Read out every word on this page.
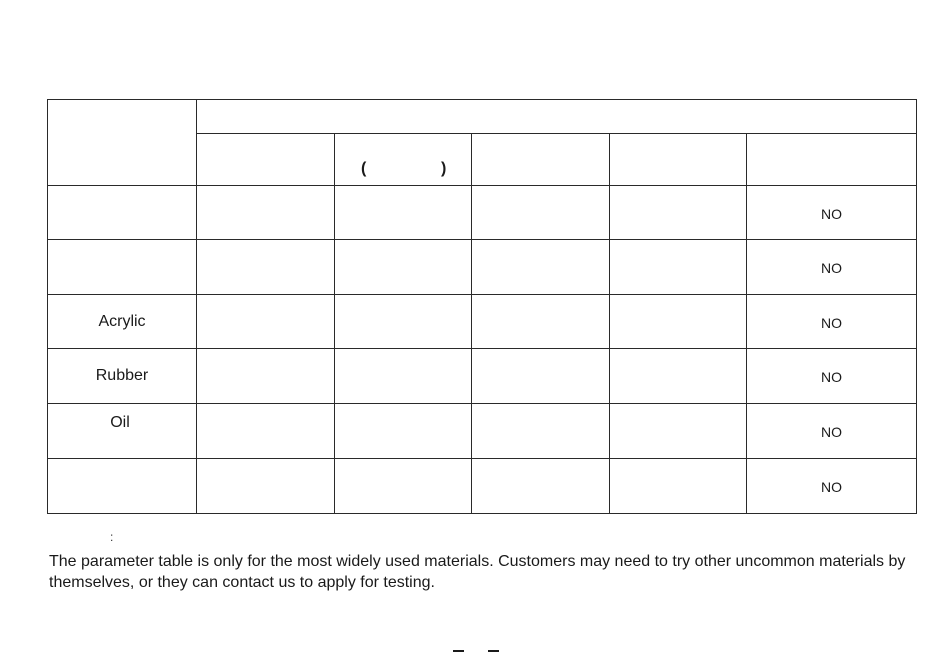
		( )			

					NO
					NO
Acrylic					NO
Rubber					NO
Oil					NO
					NO
:

The parameter table is only for the most widely used materials. Customers may need to try other uncommon materials by themselves, or they can contact us to apply for testing.
